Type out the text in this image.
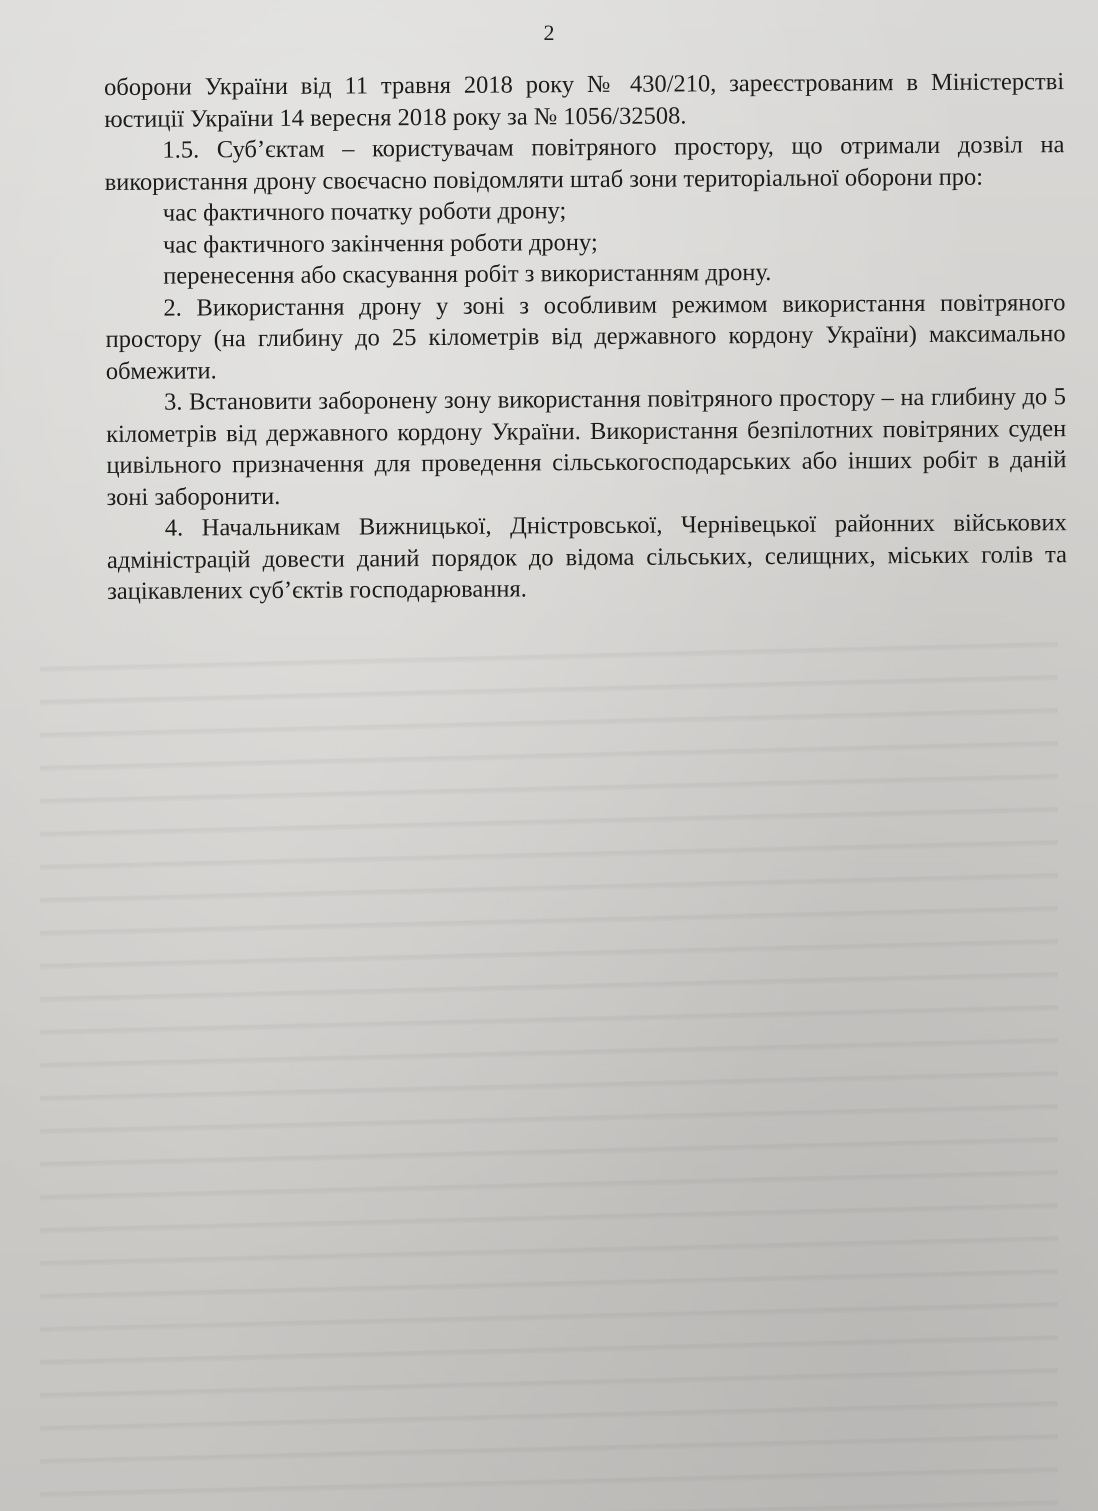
2

оборони України від 11 травня 2018 року № 430/210, зареєстрованим в Міністерстві юстиції України 14 вересня 2018 року за № 1056/32508.

1.5. Суб’єктам – користувачам повітряного простору, що отримали дозвіл на використання дрону своєчасно повідомляти штаб зони територіальної оборони про:

час фактичного початку роботи дрону;

час фактичного закінчення роботи дрону;

перенесення або скасування робіт з використанням дрону.

2. Використання дрону у зоні з особливим режимом використання повітряного простору (на глибину до 25 кілометрів від державного кордону України) максимально обмежити.

3. Встановити заборонену зону використання повітряного простору – на глибину до 5 кілометрів від державного кордону України. Використання безпілотних повітряних суден цивільного призначення для проведення сільськогосподарських або інших робіт в даній зоні заборонити.

4. Начальникам Вижницької, Дністровської, Чернівецької районних військових адміністрацій довести даний порядок до відома сільських, селищних, міських голів та зацікавлених суб’єктів господарювання.
